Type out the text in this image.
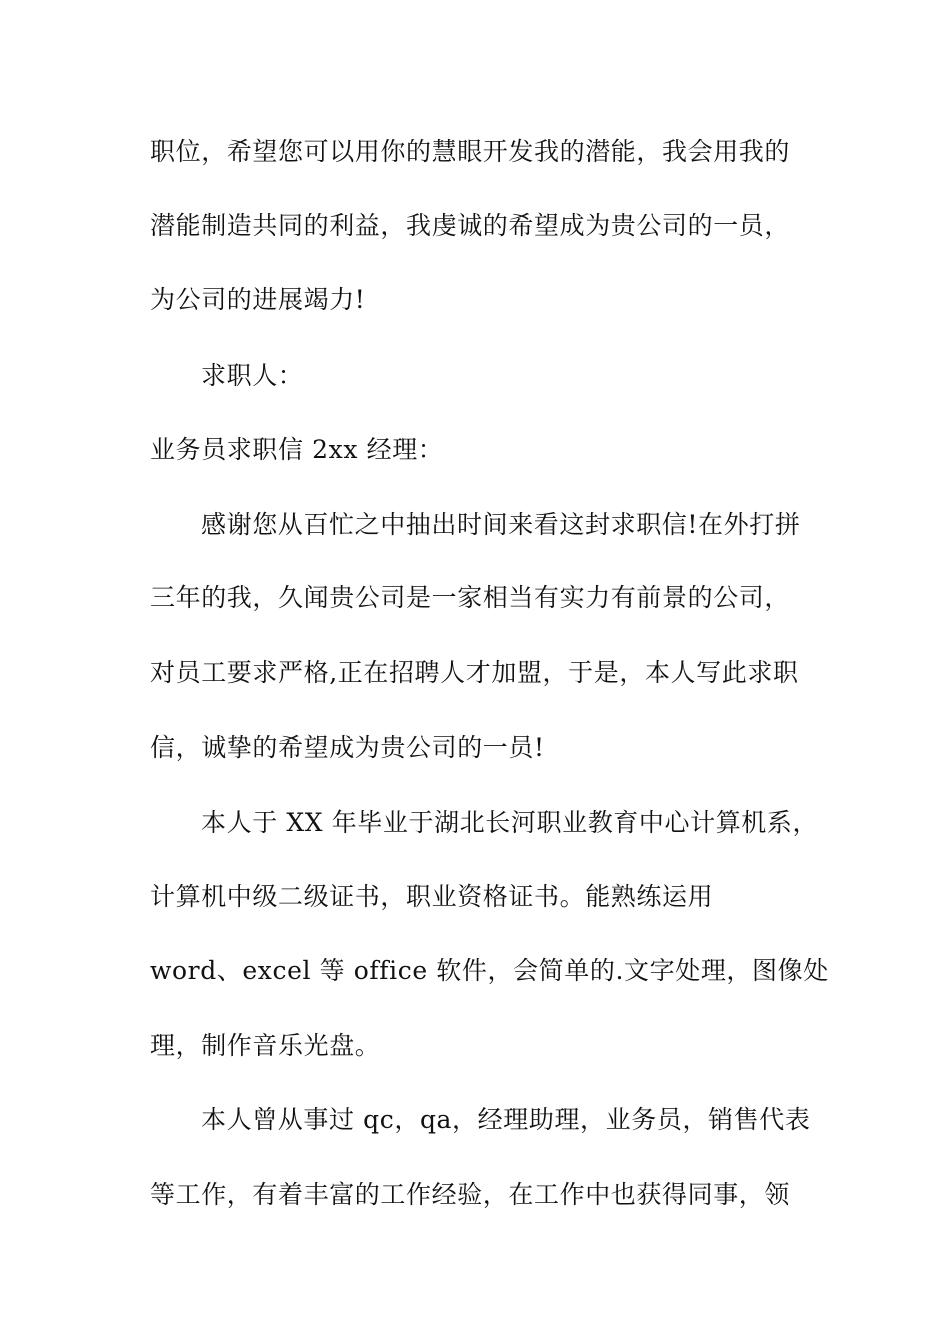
职位，希望您可以用你的慧眼开发我的潜能，我会用我的
潜能制造共同的利益，我虔诚的希望成为贵公司的一员，
为公司的进展竭力!
求职人：
业务员求职信 2xx 经理：
感谢您从百忙之中抽出时间来看这封求职信!在外打拼
三年的我，久闻贵公司是一家相当有实力有前景的公司，
对员工要求严格,正在招聘人才加盟，于是，本人写此求职
信，诚挚的希望成为贵公司的一员!
本人于 XX 年毕业于湖北长河职业教育中心计算机系，
计算机中级二级证书，职业资格证书。能熟练运用
word、excel 等 office 软件，会简单的.文字处理，图像处
理，制作音乐光盘。
本人曾从事过 qc，qa，经理助理，业务员，销售代表
等工作，有着丰富的工作经验，在工作中也获得同事，领
